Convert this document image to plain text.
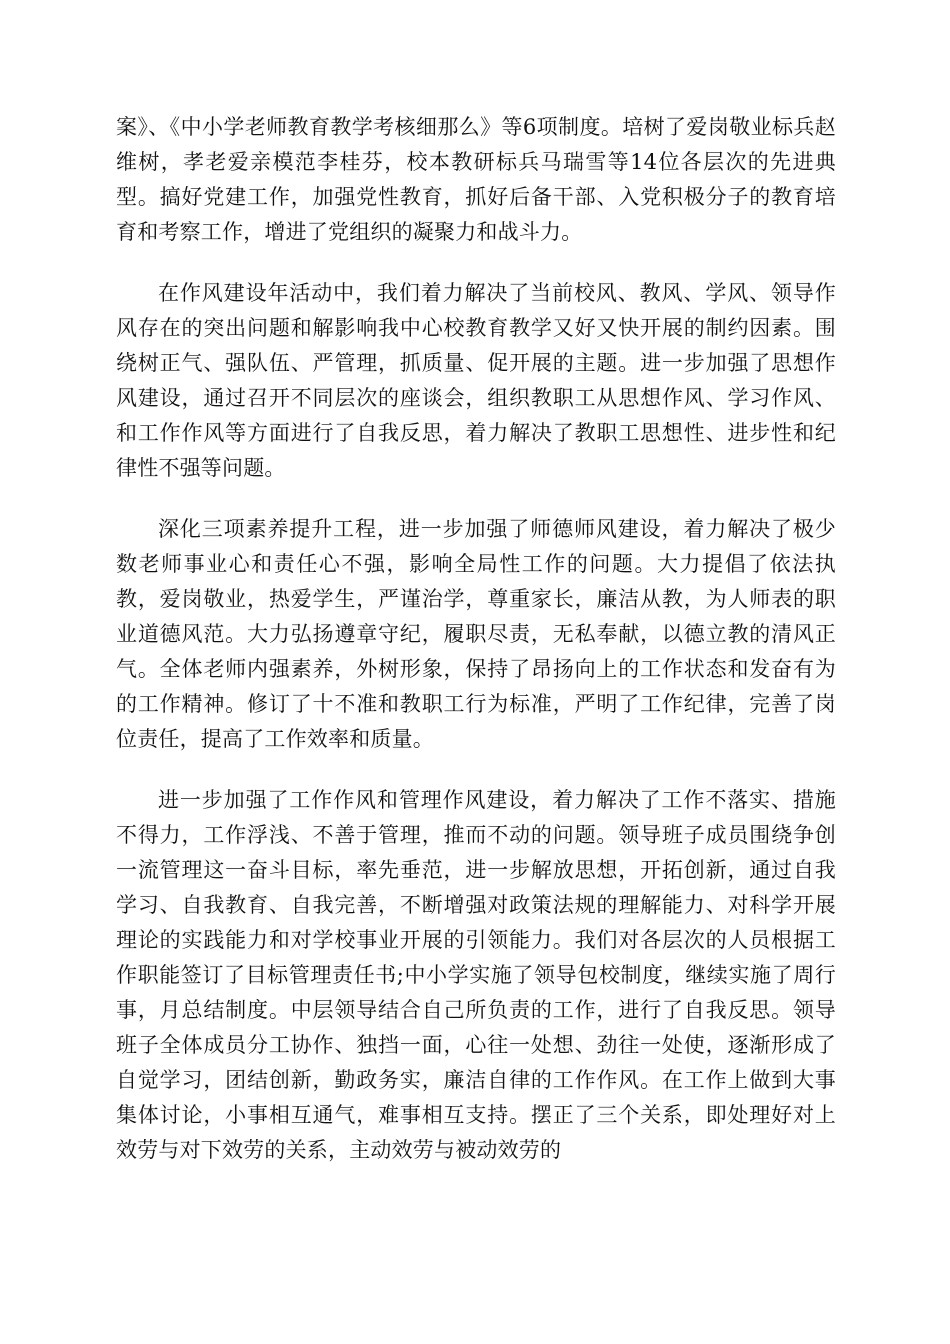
案》、《中小学老师教育教学考核细那么》等6项制度。培树了爱岗敬业标兵赵维树，孝老爱亲模范李桂芬，校本教研标兵马瑞雪等14位各层次的先进典型。搞好党建工作，加强党性教育，抓好后备干部、入党积极分子的教育培育和考察工作，增进了党组织的凝聚力和战斗力。

在作风建设年活动中，我们着力解决了当前校风、教风、学风、领导作风存在的突出问题和解影响我中心校教育教学又好又快开展的制约因素。围绕树正气、强队伍、严管理，抓质量、促开展的主题。进一步加强了思想作风建设，通过召开不同层次的座谈会，组织教职工从思想作风、学习作风、和工作作风等方面进行了自我反思，着力解决了教职工思想性、进步性和纪律性不强等问题。

深化三项素养提升工程，进一步加强了师德师风建设，着力解决了极少数老师事业心和责任心不强，影响全局性工作的问题。大力提倡了依法执教，爱岗敬业，热爱学生，严谨治学，尊重家长，廉洁从教，为人师表的职业道德风范。大力弘扬遵章守纪，履职尽责，无私奉献，以德立教的清风正气。全体老师内强素养，外树形象，保持了昂扬向上的工作状态和发奋有为的工作精神。修订了十不准和教职工行为标准，严明了工作纪律，完善了岗位责任，提高了工作效率和质量。

进一步加强了工作作风和管理作风建设，着力解决了工作不落实、措施不得力，工作浮浅、不善于管理，推而不动的问题。领导班子成员围绕争创一流管理这一奋斗目标，率先垂范，进一步解放思想，开拓创新，通过自我学习、自我教育、自我完善，不断增强对政策法规的理解能力、对科学开展理论的实践能力和对学校事业开展的引领能力。我们对各层次的人员根据工作职能签订了目标管理责任书;中小学实施了领导包校制度，继续实施了周行事，月总结制度。中层领导结合自己所负责的工作，进行了自我反思。领导班子全体成员分工协作、独挡一面，心往一处想、劲往一处使，逐渐形成了自觉学习，团结创新，勤政务实，廉洁自律的工作作风。在工作上做到大事集体讨论，小事相互通气，难事相互支持。摆正了三个关系，即处理好对上效劳与对下效劳的关系，主动效劳与被动效劳的
